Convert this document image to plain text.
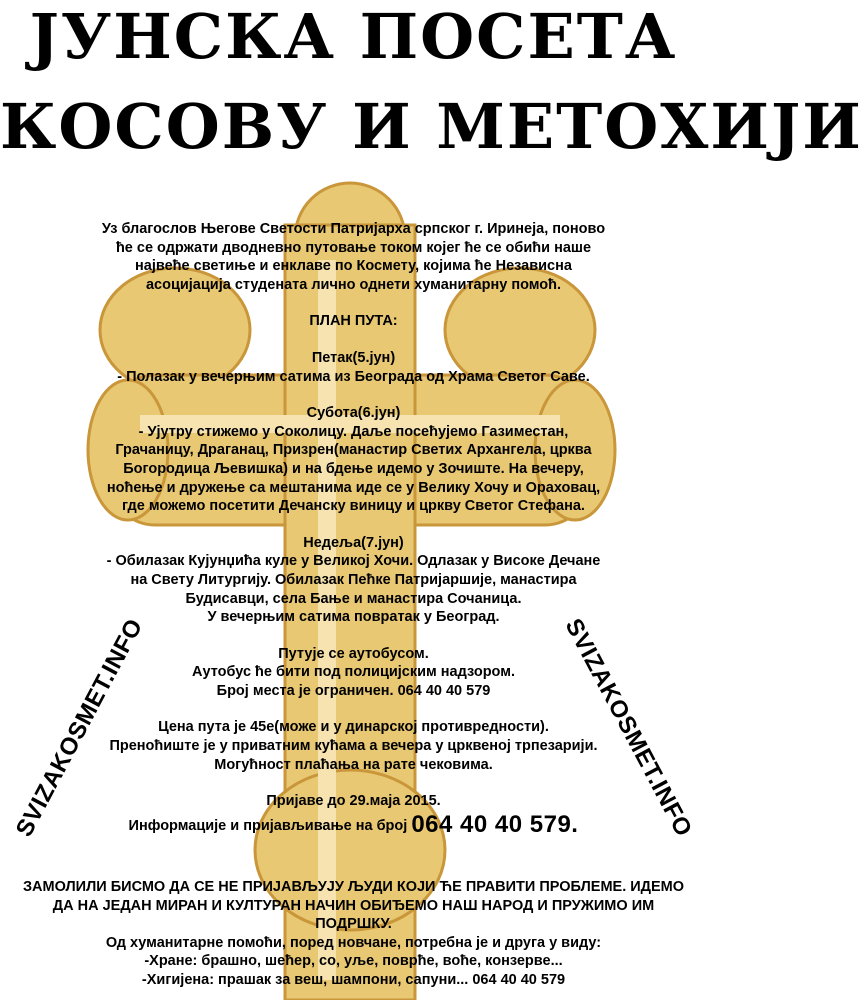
ЈУНСКА ПОСЕТА
КОСОВУ И МЕТОХИЈИ

Уз благослов Његове Светости Патријарха српског г. Иринеја, поново ће се одржати дводневно путовање током којег ће се обићи наше највеће светиње и енклаве по Космету, којима ће Независна асоцијација студената лично однети хуманитарну помоћ.

ПЛАН ПУТА:

Петак(5.јун)

- Полазак у вечерњим сатима из Београда од Храма Светог Саве.

Субота(6.јун)

- Ујутру стижемо у Соколицу. Даље посећујемо Газиместан, Грачаницу, Драганац, Призрен(манастир Светих Архангела, црква Богородица Љевишка) и на бдење идемо у Зочиште. На вечеру, ноћење и дружење са мештанима иде се у Велику Хочу и Ораховац, где можемо посетити Дечанску виницу и цркву Светог Стефана.

Недеља(7.јун)

- Обилазак Кујунџића куле у Великој Хочи. Одлазак у Високе Дечане на Свету Литургију. Обилазак Пећке Патријаршије, манастира Будисавци, села Бање и манастира Сочаница.

У вечерњим сатима повратак у Београд.

Путује се аутобусом.

Аутобус ће бити под полицијским надзором.

Број места је ограничен. 064 40 40 579

Цена пута је 45е(може и у динарској противредности).

Преноћиште је у приватним кућама а вечера у црквеној трпезарији.

Могућност плаћања на рате чековима.

Пријаве до 29.маја 2015.

Информације и пријављивање на број 064 40 40 579.

SVIZAKOSMET.INFO	SVIZAKOSMET.INFO

ЗАМОЛИЛИ БИСМО ДА СЕ НЕ ПРИЈАВЉУЈУ ЉУДИ КОЈИ ЋЕ ПРАВИТИ ПРОБЛЕМЕ. ИДЕМО ДА НА ЈЕДАН МИРАН И КУЛТУРАН НАЧИН ОБИЂЕМО НАШ НАРОД И ПРУЖИМО ИМ ПОДРШКУ.

Од хуманитарне помоћи, поред новчане, потребна је и друга у виду:

-Хране: брашно, шећер, со, уље, поврће, воће, конзерве...

-Хигијена: прашак за веш, шампони, сапуни... 064 40 40 579
